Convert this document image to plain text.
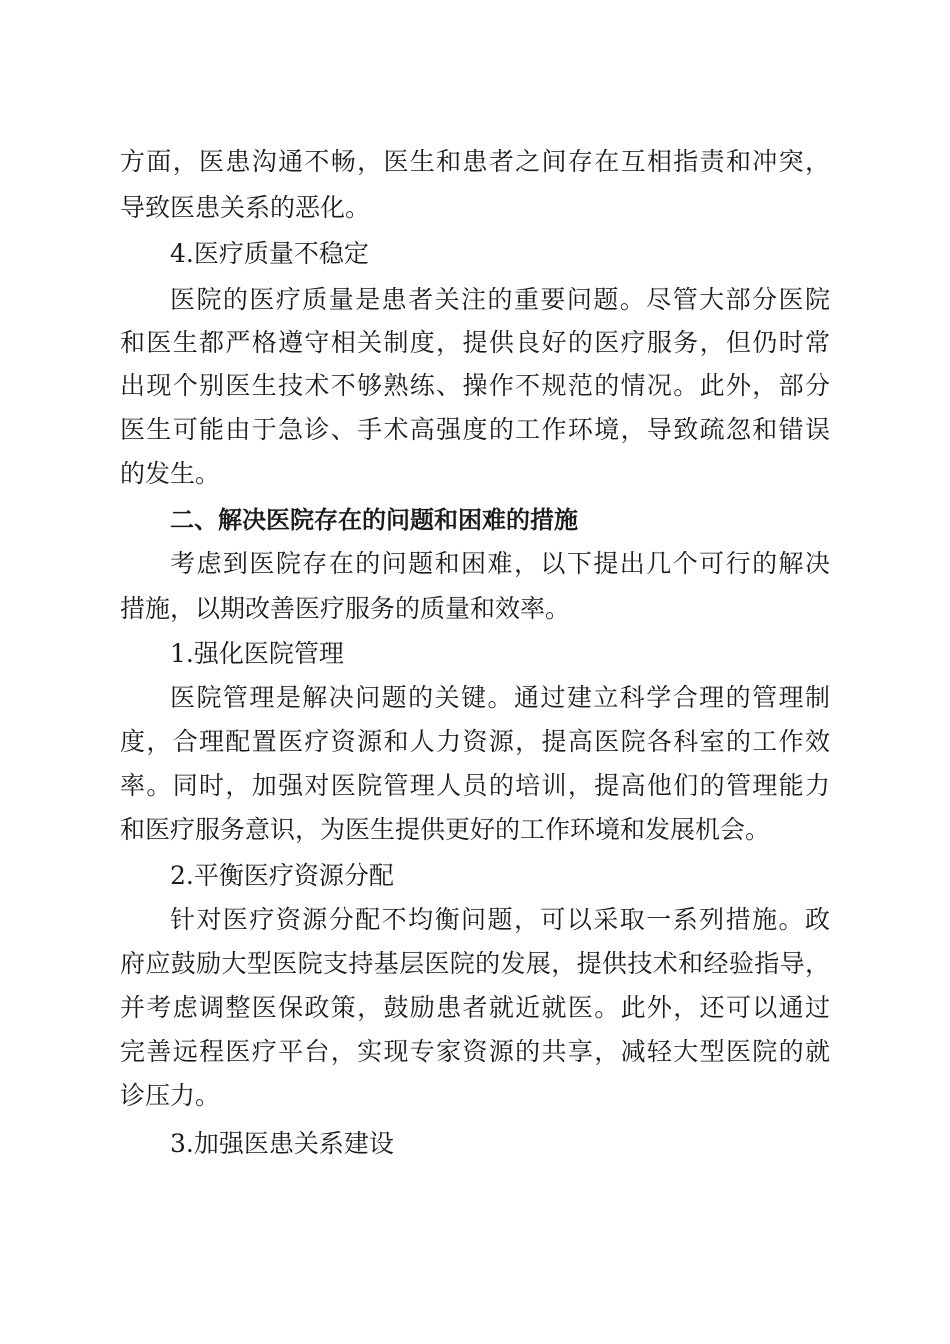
方面，医患沟通不畅，医生和患者之间存在互相指责和冲突，
导致医患关系的恶化。
4.医疗质量不稳定
医院的医疗质量是患者关注的重要问题。尽管大部分医院
和医生都严格遵守相关制度，提供良好的医疗服务，但仍时常
出现个别医生技术不够熟练、操作不规范的情况。此外，部分
医生可能由于急诊、手术高强度的工作环境，导致疏忽和错误
的发生。
二、解决医院存在的问题和困难的措施
考虑到医院存在的问题和困难，以下提出几个可行的解决
措施，以期改善医疗服务的质量和效率。
1.强化医院管理
医院管理是解决问题的关键。通过建立科学合理的管理制
度，合理配置医疗资源和人力资源，提高医院各科室的工作效
率。同时，加强对医院管理人员的培训，提高他们的管理能力
和医疗服务意识，为医生提供更好的工作环境和发展机会。
2.平衡医疗资源分配
针对医疗资源分配不均衡问题，可以采取一系列措施。政
府应鼓励大型医院支持基层医院的发展，提供技术和经验指导，
并考虑调整医保政策，鼓励患者就近就医。此外，还可以通过
完善远程医疗平台，实现专家资源的共享，减轻大型医院的就
诊压力。
3.加强医患关系建设
